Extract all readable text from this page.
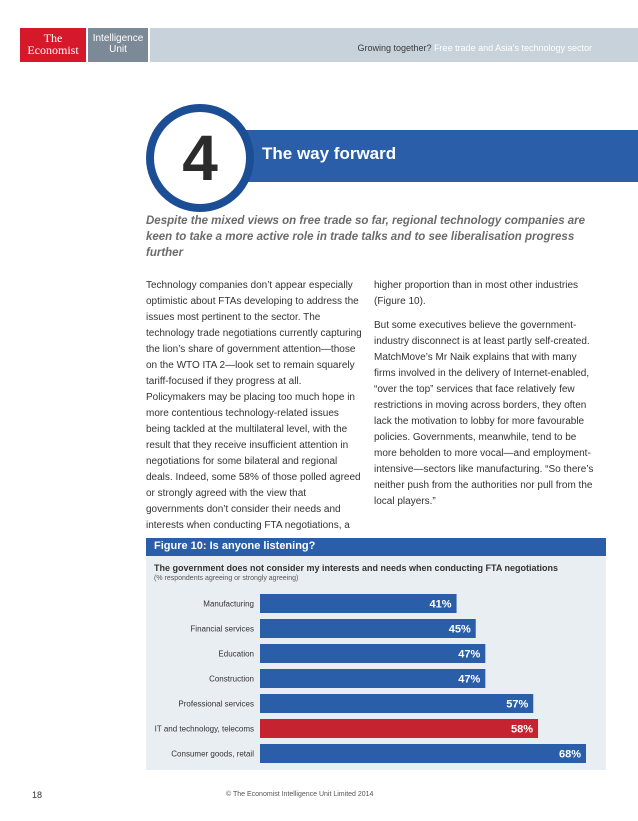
The
Economist
Intelligence
Unit	Growing together? Free trade and Asia’s technology sector
4	The way forward
Despite the mixed views on free trade so far, regional technology companies are keen to take a more active role in trade talks and to see liberalisation progress further

Technology companies don’t appear especially optimistic about FTAs developing to address the issues most pertinent to the sector. The technology trade negotiations currently capturing the lion’s share of government attention—those on the WTO ITA 2—look set to remain squarely tariff-focused if they progress at all. Policymakers may be placing too much hope in more contentious technology-related issues being tackled at the multilateral level, with the result that they receive insufficient attention in negotiations for some bilateral and regional deals. Indeed, some 58% of those polled agreed or strongly agreed with the view that governments don’t consider their needs and interests when conducting FTA negotiations, a

higher proportion than in most other industries (Figure 10).

But some executives believe the government-industry disconnect is at least partly self-created. MatchMove’s Mr Naik explains that with many firms involved in the delivery of Internet-enabled, “over the top” services that face relatively few restrictions in moving across borders, they often lack the motivation to lobby for more favourable policies. Governments, meanwhile, tend to be more beholden to more vocal—and employment-intensive—sectors like manufacturing. “So there’s neither push from the authorities nor pull from the local players.”

Figure 10: Is anyone listening?
The government does not consider my interests and needs when conducting FTA negotiations
(% respondents agreeing or strongly agreeing)
Manufacturing	41%
Financial services	45%
Education	47%
Construction	47%
Professional services	57%
IT and technology, telecoms	58%
Consumer goods, retail	68%
18	© The Economist Intelligence Unit Limited 2014
